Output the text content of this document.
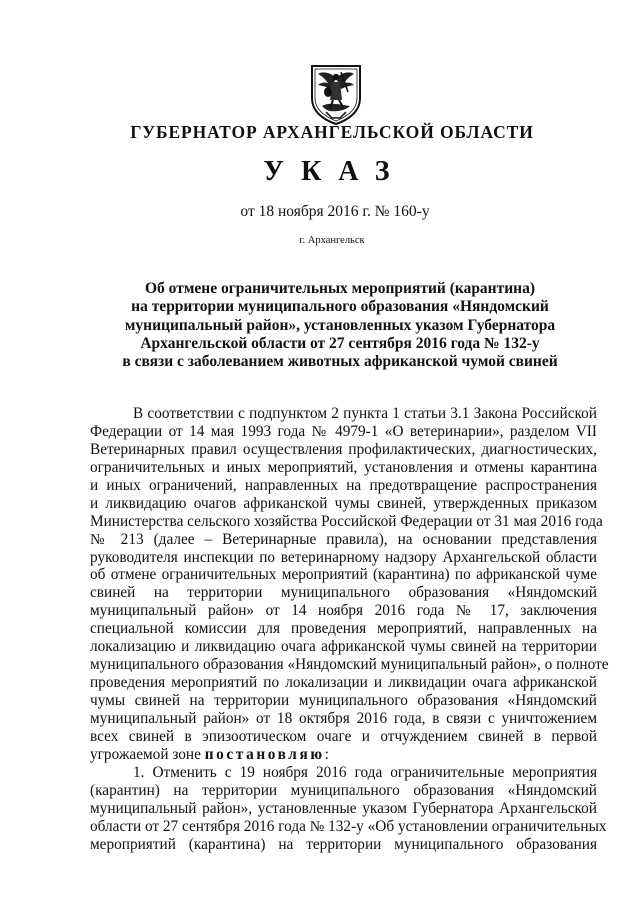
ГУБЕРНАТОР АРХАНГЕЛЬСКОЙ ОБЛАСТИ
УКАЗ
от 18 ноября 2016 г. № 160-у
г. Архангельск
Об отмене ограничительных мероприятий (карантина)
на территории муниципального образования «Няндомский
муниципальный район», установленных указом Губернатора
Архангельской области от 27 сентября 2016 года № 132-у
в связи с заболеванием животных африканской чумой свиней
В соответствии с подпунктом 2 пункта 1 статьи 3.1 Закона Российской
Федерации от 14 мая 1993 года № 4979-1 «О ветеринарии», разделом VII
Ветеринарных правил осуществления профилактических, диагностических,
ограничительных и иных мероприятий, установления и отмены карантина
и иных ограничений, направленных на предотвращение распространения
и ликвидацию очагов африканской чумы свиней, утвержденных приказом
Министерства сельского хозяйства Российской Федерации от 31 мая 2016 года
№ 213 (далее – Ветеринарные правила), на основании представления
руководителя инспекции по ветеринарному надзору Архангельской области
об отмене ограничительных мероприятий (карантина) по африканской чуме
свиней на территории муниципального образования «Няндомский
муниципальный район» от 14 ноября 2016 года № 17, заключения
специальной комиссии для проведения мероприятий, направленных на
локализацию и ликвидацию очага африканской чумы свиней на территории
муниципального образования «Няндомский муниципальный район», о полноте
проведения мероприятий по локализации и ликвидации очага африканской
чумы свиней на территории муниципального образования «Няндомский
муниципальный район» от 18 октября 2016 года, в связи с уничтожением
всех свиней в эпизоотическом очаге и отчуждением свиней в первой
угрожаемой зоне постановляю:
1. Отменить с 19 ноября 2016 года ограничительные мероприятия
(карантин) на территории муниципального образования «Няндомский
муниципальный район», установленные указом Губернатора Архангельской
области от 27 сентября 2016 года № 132-у «Об установлении ограничительных
мероприятий (карантина) на территории муниципального образования
